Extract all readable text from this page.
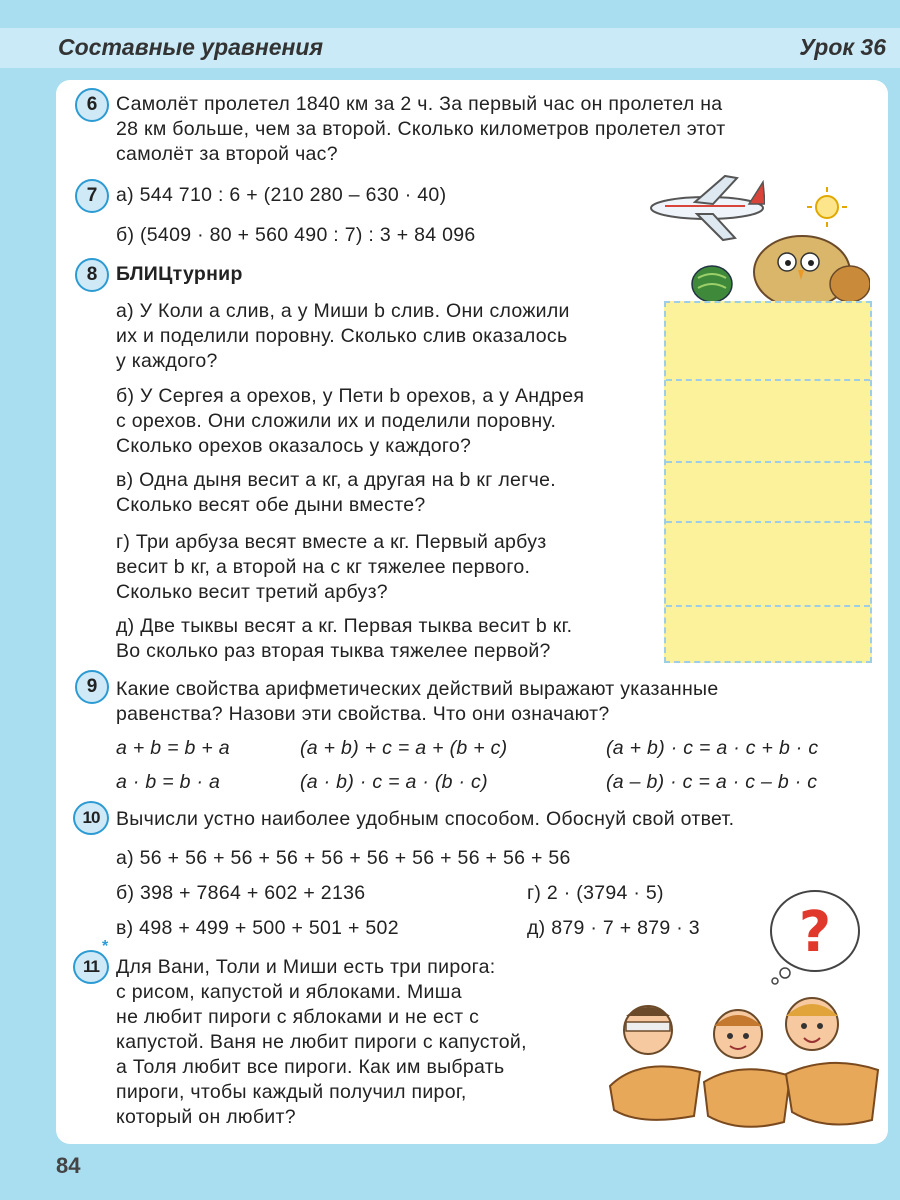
Составные уравнения	Урок 36
6 Самолёт пролетел 1840 км за 2 ч. За первый час он пролетел на
28 км больше, чем за второй. Сколько километров пролетел этот
самолёт за второй час?
7 а) 544 710 : 6 + (210 280 – 630 · 40)
б) (5409 · 80 + 560 490 : 7) : 3 + 84 096
8 БЛИЦтурнир
а) У Коли a слив, а у Миши b слив. Они сложили
их и поделили поровну. Сколько слив оказалось
у каждого?
б) У Сергея a орехов, у Пети b орехов, а у Андрея
c орехов. Они сложили их и поделили поровну.
Сколько орехов оказалось у каждого?
в) Одна дыня весит a кг, а другая на b кг легче.
Сколько весят обе дыни вместе?
г) Три арбуза весят вместе a кг. Первый арбуз
весит b кг, а второй на c кг тяжелее первого.
Сколько весит третий арбуз?
д) Две тыквы весят a кг. Первая тыква весит b кг.
Во сколько раз вторая тыква тяжелее первой?
9 Какие свойства арифметических действий выражают указанные
равенства? Назови эти свойства. Что они означают?
a + b = b + a	(a + b) + c = a + (b + c)	(a + b) · c = a · c + b · c
a · b = b · a	(a · b) · c = a · (b · c)	(a – b) · c = a · c – b · c
10 Вычисли устно наиболее удобным способом. Обоснуй свой ответ.
а) 56 + 56 + 56 + 56 + 56 + 56 + 56 + 56 + 56 + 56
б) 398 + 7864 + 602 + 2136	г) 2 · (3794 · 5)
в) 498 + 499 + 500 + 501 + 502	д) 879 · 7 + 879 · 3 ?
11
*
Для Вани, Толи и Миши есть три пирога:
с рисом, капустой и яблоками. Миша
не любит пироги с яблоками и не ест с
капустой. Ваня не любит пироги с капустой,
а Толя любит все пироги. Как им выбрать
пироги, чтобы каждый получил пирог,
который он любит?
84
